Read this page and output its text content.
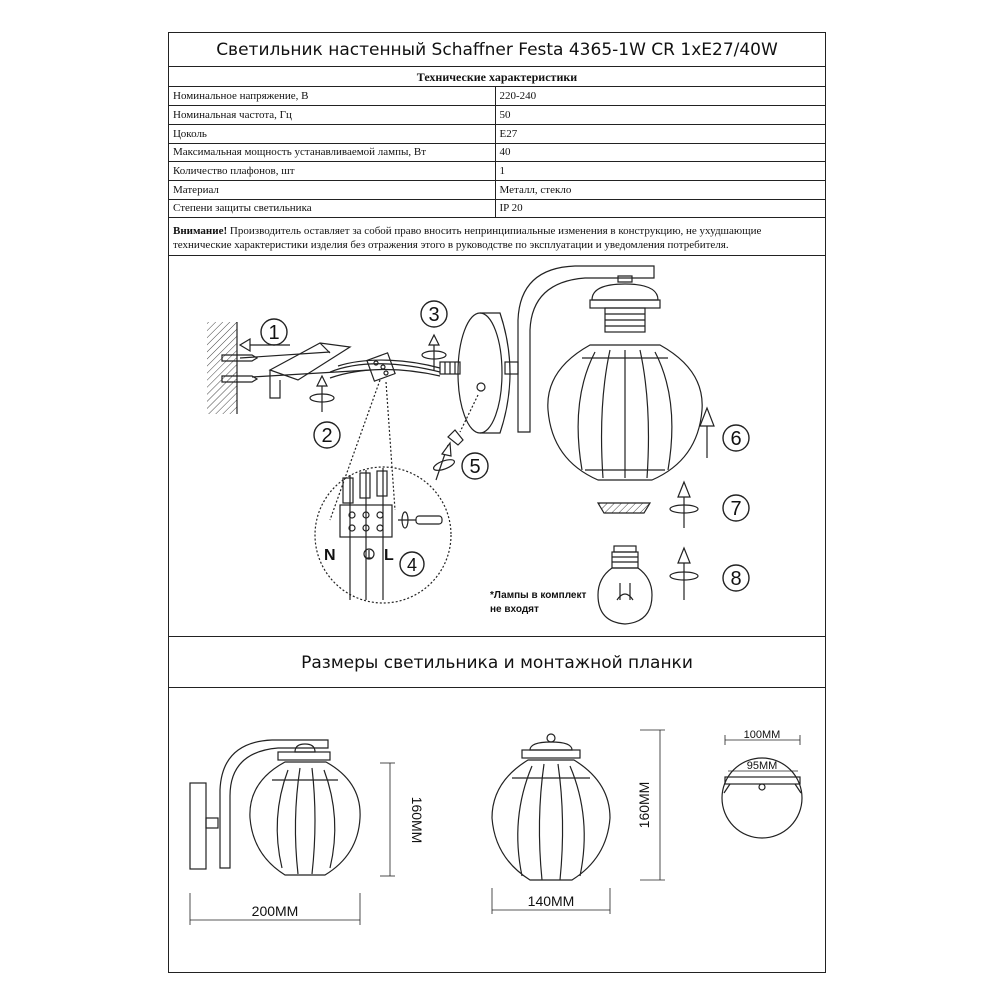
Светильник настенный Schaffner Festa 4365-1W CR 1xE27/40W
Технические характеристики
Номинальное напряжение, В	220-240
Номинальная частота, Гц	50
Цоколь	E27
Максимальная мощность устанавливаемой лампы, Вт	40
Количество плафонов, шт	1
Материал	Металл, стекло
Степени защиты светильника	IP 20
Внимание! Производитель оставляет за собой право вносить непринципиальные изменения в конструкцию, не ухудшающие технические характеристики изделия без отражения этого в руководстве по эксплуатации и уведомления потребителя.
Размеры светильника и монтажной планки
1
2
3
4
5
6
7
8
N	L
*Лампы в комплект
не входят
200MM
160MM
140MM
160MM
100MM
95MM
